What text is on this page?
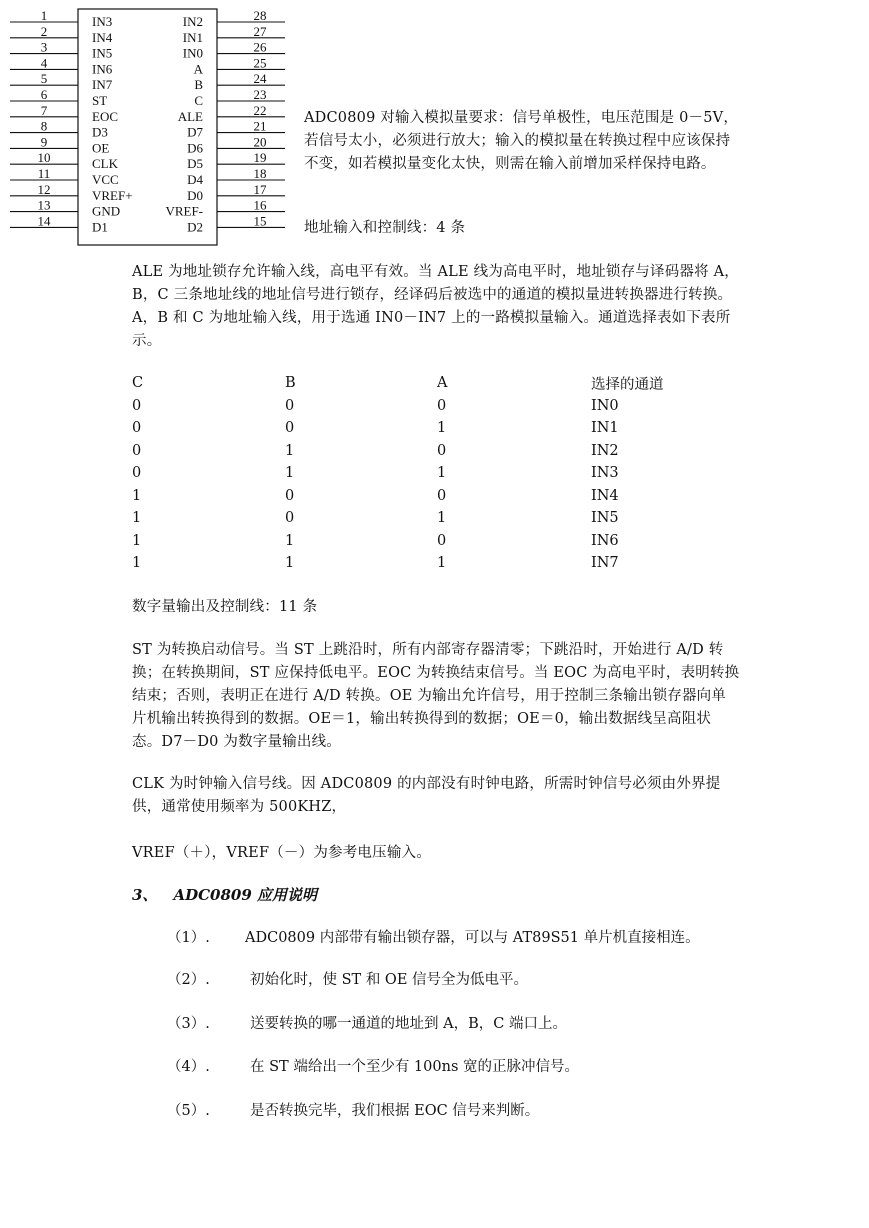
1	IN3
2	IN4
3	IN5
4	IN6
5	IN7
6	ST
7	EOC
8	D3
9	OE
10	CLK
11	VCC
12	VREF+
13	GND
14	D1
28
IN2
27
IN1
26
IN0
25
A
24
B
23
C
22
ALE
21
D7
20
D6
19
D5
18
D4
17
D0
16
VREF-
15
D2
ADC0809 对输入模拟量要求：信号单极性，电压范围是 0－5V，若信号太小，必须进行放大；输入的模拟量在转换过程中应该保持不变，如若模拟量变化太快，则需在输入前增加采样保持电路。
地址输入和控制线：4 条
ALE 为地址锁存允许输入线，高电平有效。当 ALE 线为高电平时，地址锁存与译码器将 A， B，C 三条地址线的地址信号进行锁存，经译码后被选中的通道的模拟量进转换器进行转换。A，B 和 C 为地址输入线，用于选通 IN0－IN7 上的一路模拟量输入。通道选择表如下表所示。
C	B	A	选择的通道
0	0	0	IN0
0	0	1	IN1
0	1	0	IN2
0	1	1	IN3
1	0	0	IN4
1	0	1	IN5
1	1	0	IN6
1	1	1	IN7
数字量输出及控制线：11 条
ST 为转换启动信号。当 ST 上跳沿时，所有内部寄存器清零；下跳沿时，开始进行 A/D 转换；在转换期间，ST 应保持低电平。EOC 为转换结束信号。当 EOC 为高电平时，表明转换结束；否则，表明正在进行 A/D 转换。OE 为输出允许信号，用于控制三条输出锁存器向单片机输出转换得到的数据。OE＝1，输出转换得到的数据；OE＝0，输出数据线呈高阻状态。D7－D0 为数字量输出线。
CLK 为时钟输入信号线。因 ADC0809 的内部没有时钟电路，所需时钟信号必须由外界提供，通常使用频率为 500KHZ，
VREF（＋），VREF（－）为参考电压输入。
3、 ADC0809 应用说明
（1）. ADC0809 内部带有输出锁存器，可以与 AT89S51 单片机直接相连。
（2）.	初始化时，使 ST 和 OE 信号全为低电平。
（3）.	送要转换的哪一通道的地址到 A，B，C 端口上。
（4）.	在 ST 端给出一个至少有 100ns 宽的正脉冲信号。
（5）.	是否转换完毕，我们根据 EOC 信号来判断。
